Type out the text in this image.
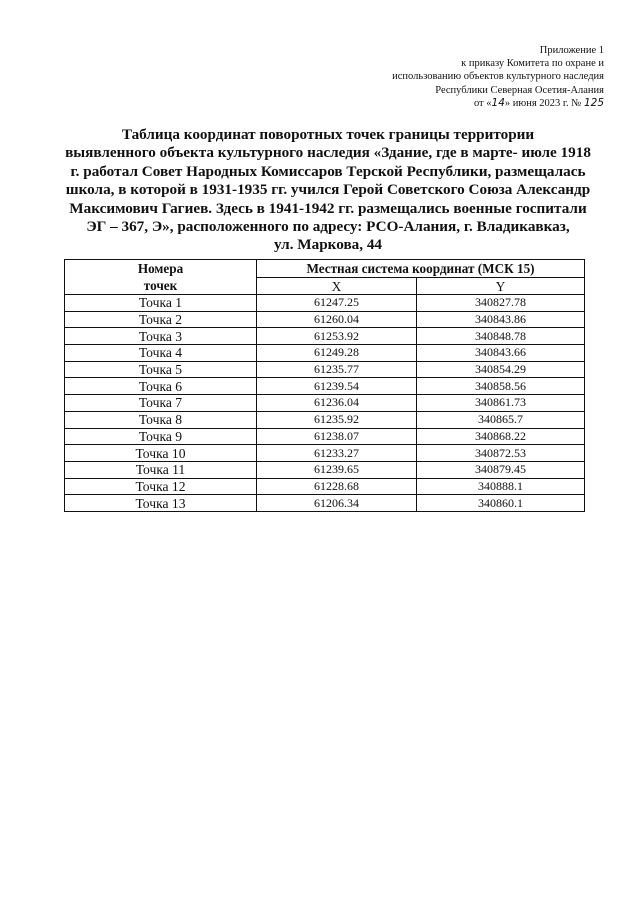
Приложение 1
к приказу Комитета по охране и
использованию объектов культурного наследия
Республики Северная Осетия-Алания
от «14» июня 2023 г. № 125
Таблица координат поворотных точек границы территории
выявленного объекта культурного наследия «Здание, где в марте- июле 1918
г. работал Совет Народных Комиссаров Терской Республики, размещалась
школа, в которой в 1931-1935 гг. учился Герой Советского Союза Александр
Максимович Гагиев. Здесь в 1941-1942 гг. размещались военные госпитали
ЭГ – 367, Э», расположенного по адресу: РСО-Алания, г. Владикавказ,
ул. Маркова, 44
Номера
точек	Местная система координат (МСК 15)	
	X	Y
Точка 1	61247.25	340827.78
Точка 2	61260.04	340843.86
Точка 3	61253.92	340848.78
Точка 4	61249.28	340843.66
Точка 5	61235.77	340854.29
Точка 6	61239.54	340858.56
Точка 7	61236.04	340861.73
Точка 8	61235.92	340865.7
Точка 9	61238.07	340868.22
Точка 10	61233.27	340872.53
Точка 11	61239.65	340879.45
Точка 12	61228.68	340888.1
Точка 13	61206.34	340860.1
